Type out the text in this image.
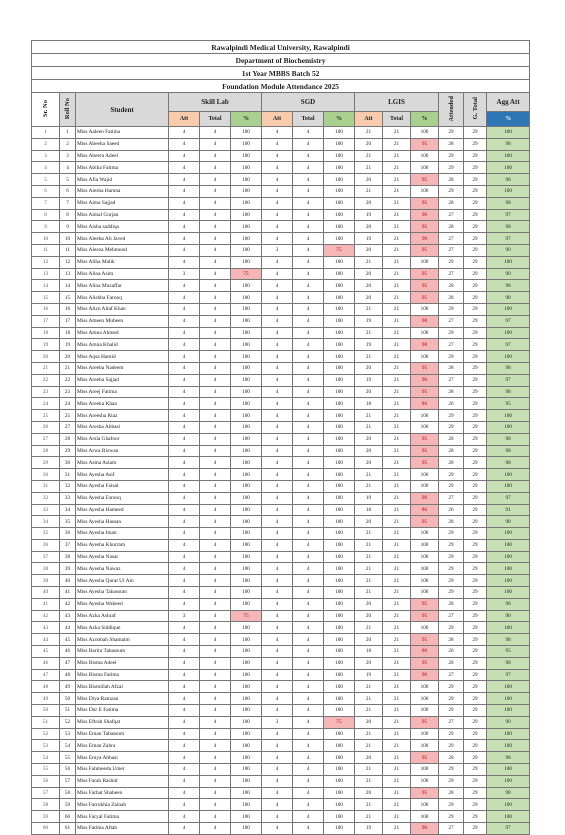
Rawalpindi Medical University, Rawalpindi														
Department of Biochemistry														
1st Year MBBS Batch 52														
Foundation Module Attendance 2025														
Sr. No	Roll No	Student	Skill Lab			SGD			LGIS			Attended	G. Total	Agg Att
			Att	Total	%	Att	Total	%	Att	Total	%			%
1	1	Miss Aaleen Fatima	4	4	100	4	4	100	21	21	100	29	29	100
2	2	Miss Abeeha Saeed	4	4	100	4	4	100	20	21	95	28	29	98
3	3	Miss Abeera Adeel	4	4	100	4	4	100	21	21	100	29	29	100
4	4	Miss Abiha Fatima	4	4	100	4	4	100	21	21	100	29	29	100
5	5	Miss Afia Wajid	4	4	100	4	4	100	20	21	95	28	29	98
6	6	Miss Aiesha Hamna	4	4	100	4	4	100	21	21	100	29	29	100
7	7	Miss Aima Sajjad	4	4	100	4	4	100	20	21	95	28	29	98
8	8	Miss Aimal Gurjan	4	4	100	4	4	100	19	21	90	27	29	97
9	9	Miss Aisha saddiqa	4	4	100	4	4	100	20	21	95	28	29	98
10	10	Miss Aleeba Ali Javed	4	4	100	4	4	100	19	21	90	27	29	97
11	11	Miss Aleeza Mehmood	4	4	100	3	4	75	20	21	95	27	29	90
12	12	Miss Aliha Malik	4	4	100	4	4	100	21	21	100	29	29	100
13	13	Miss Alina Asim	3	4	75	4	4	100	20	21	95	27	29	90
14	14	Miss Alina Muzaffar	4	4	100	4	4	100	20	21	95	28	29	98
15	15	Miss Alishba Farooq	4	4	100	4	4	100	20	21	95	28	29	98
16	16	Miss Alizn Altaf Khan	4	4	100	4	4	100	21	21	100	29	29	100
17	17	Miss Ameen Mubeen	4	4	100	4	4	100	19	21	90	27	29	97
18	18	Miss Amna Ahmed	4	4	100	4	4	100	21	21	100	29	29	100
19	19	Miss Amna Khalid	4	4	100	4	4	100	19	21	90	27	29	97
20	20	Miss Aqsa Hamid	4	4	100	4	4	100	21	21	100	29	29	100
21	21	Miss Areeba Nadeem	4	4	100	4	4	100	20	21	95	28	29	98
22	22	Miss Areeba Sajjad	4	4	100	4	4	100	19	21	90	27	29	97
23	23	Miss Areej Fatima	4	4	100	4	4	100	20	21	95	28	29	98
24	24	Miss Areeka Khan	4	4	100	4	4	100	18	21	86	26	29	95
25	25	Miss Areesha Riaz	4	4	100	4	4	100	21	21	100	29	29	100
26	27	Miss Aresha Abbasi	4	4	100	4	4	100	21	21	100	29	29	100
27	28	Miss Arsla Ghafoor	4	4	100	4	4	100	20	21	95	28	29	98
28	29	Miss Arwa Rizwan	4	4	100	4	4	100	20	21	95	28	29	98
29	30	Miss Asma Aslam	4	4	100	4	4	100	20	21	95	28	29	98
30	31	Miss Ayesha Asif	4	4	100	4	4	100	21	21	100	29	29	100
31	32	Miss Ayesha Faisal	4	4	100	4	4	100	21	21	100	29	29	100
32	33	Miss Ayesha Farooq	4	4	100	4	4	100	19	21	90	27	29	97
33	34	Miss Ayesha Hameed	4	4	100	4	4	100	18	21	86	26	29	91
34	35	Miss Ayesha Hassan	4	4	100	4	4	100	20	21	95	28	29	98
35	36	Miss Ayesha Iman	4	4	100	4	4	100	21	21	100	29	29	100
36	37	Miss Ayesha Khurram	4	4	100	4	4	100	21	21	100	29	29	100
37	38	Miss Ayesha Nasar	4	4	100	4	4	100	21	21	100	29	29	100
38	39	Miss Ayesha Nawaz	4	4	100	4	4	100	21	21	100	29	29	100
39	40	Miss Ayesha Qurat Ul Ain	4	4	100	4	4	100	21	21	100	29	29	100
40	41	Miss Ayesha Tabassum	4	4	100	4	4	100	21	21	100	29	29	100
41	42	Miss Ayesha Waheed	4	4	100	4	4	100	20	21	95	28	29	98
42	43	Miss Azka Ashraf	3	4	75	4	4	100	20	21	95	27	29	90
43	44	Miss Azka Siddique	4	4	100	4	4	100	21	21	100	29	29	100
44	45	Miss Azoobah Shamaim	4	4	100	4	4	100	20	21	95	28	29	98
45	46	Miss Barira Tabassum	4	4	100	4	4	100	18	21	86	26	29	95
46	47	Miss Bisma Adeel	4	4	100	4	4	100	20	21	95	28	29	98
47	48	Miss Bisma Fatima	4	4	100	4	4	100	19	21	90	27	29	97
48	49	Miss Bismillah Afzal	4	4	100	4	4	100	21	21	100	29	29	100
49	50	Miss Diya Ramzan	4	4	100	4	4	100	21	21	100	29	29	100
50	51	Miss Dur E Fatima	4	4	100	4	4	100	21	21	100	29	29	100
51	52	Miss Eftrah Shafqat	4	4	100	3	4	75	20	21	95	27	29	90
52	53	Miss Eman Tabassum	4	4	100	4	4	100	21	21	100	29	29	100
53	54	Miss Eman Zahra	4	4	100	4	4	100	21	21	100	29	29	100
54	55	Miss Emya Abbasi	4	4	100	4	4	100	20	21	95	28	29	98
55	56	Miss Fahmeeda Umer	4	4	100	4	4	100	21	21	100	29	29	100
56	57	Miss Farah Rashid	4	4	100	4	4	100	21	21	100	29	29	100
57	58	Miss Farhat Shaheen	4	4	100	4	4	100	20	21	95	28	29	98
58	59	Miss Farrukhia Zainab	4	4	100	4	4	100	21	21	100	29	29	100
59	60	Miss Faryal Fatima	4	4	100	4	4	100	21	21	100	29	29	100
60	61	Miss Fatima Aftab	4	4	100	4	4	100	19	21	90	27	29	97
